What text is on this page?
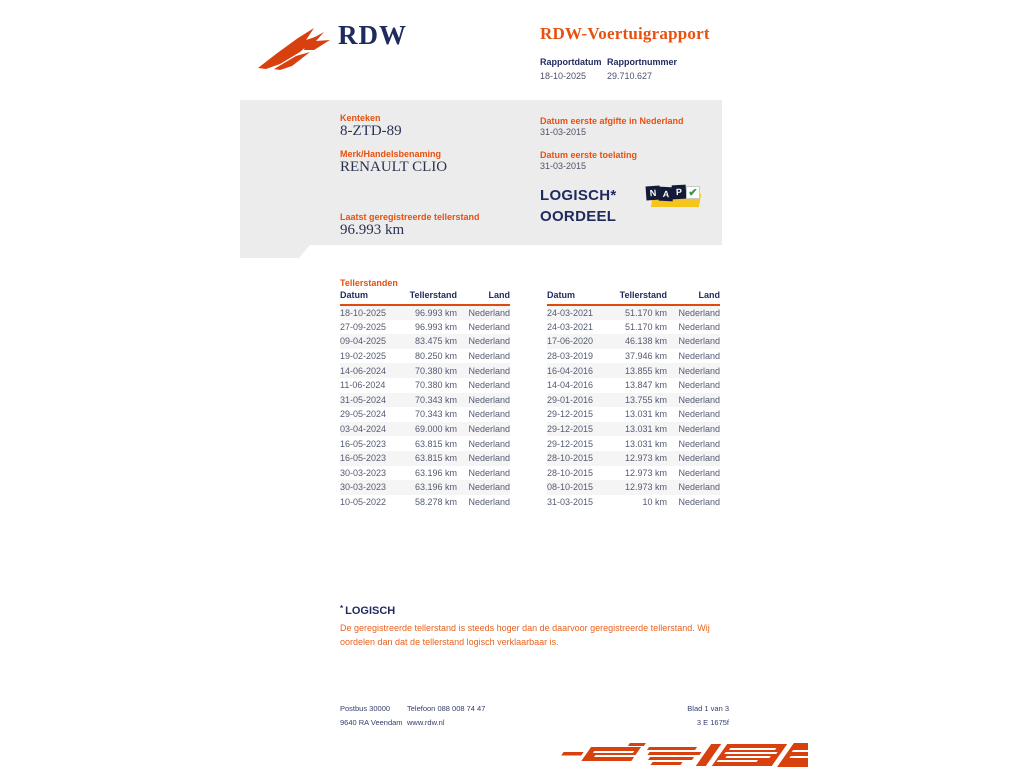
RDW	RDW-Voertuigrapport
Rapportdatum
18-10-2025
Rapportnummer
29.710.627
Kenteken
8-ZTD-89
Merk/Handelsbenaming
RENAULT CLIO
Laatst geregistreerde tellerstand
96.993 km
Datum eerste afgifte in Nederland
31-03-2015
Datum eerste toelating
31-03-2015
LOGISCH*
OORDEEL
N A P ✔
Tellerstanden
Datum	Tellerstand	Land
18-10-2025	96.993 km	Nederland
27-09-2025	96.993 km	Nederland
09-04-2025	83.475 km	Nederland
19-02-2025	80.250 km	Nederland
14-06-2024	70.380 km	Nederland
11-06-2024	70.380 km	Nederland
31-05-2024	70.343 km	Nederland
29-05-2024	70.343 km	Nederland
03-04-2024	69.000 km	Nederland
16-05-2023	63.815 km	Nederland
16-05-2023	63.815 km	Nederland
30-03-2023	63.196 km	Nederland
30-03-2023	63.196 km	Nederland
10-05-2022	58.278 km	Nederland
Datum	Tellerstand	Land
24-03-2021	51.170 km	Nederland
24-03-2021	51.170 km	Nederland
17-06-2020	46.138 km	Nederland
28-03-2019	37.946 km	Nederland
16-04-2016	13.855 km	Nederland
14-04-2016	13.847 km	Nederland
29-01-2016	13.755 km	Nederland
29-12-2015	13.031 km	Nederland
29-12-2015	13.031 km	Nederland
29-12-2015	13.031 km	Nederland
28-10-2015	12.973 km	Nederland
28-10-2015	12.973 km	Nederland
08-10-2015	12.973 km	Nederland
31-03-2015	10 km	Nederland
* LOGISCH
De geregistreerde tellerstand is steeds hoger dan de daarvoor geregistreerde tellerstand. Wij oordelen dan dat de tellerstand logisch verklaarbaar is.
Postbus 30000
9640 RA Veendam
Telefoon 088 008 74 47
www.rdw.nl
Blad 1 van 3
3 E 1675f
